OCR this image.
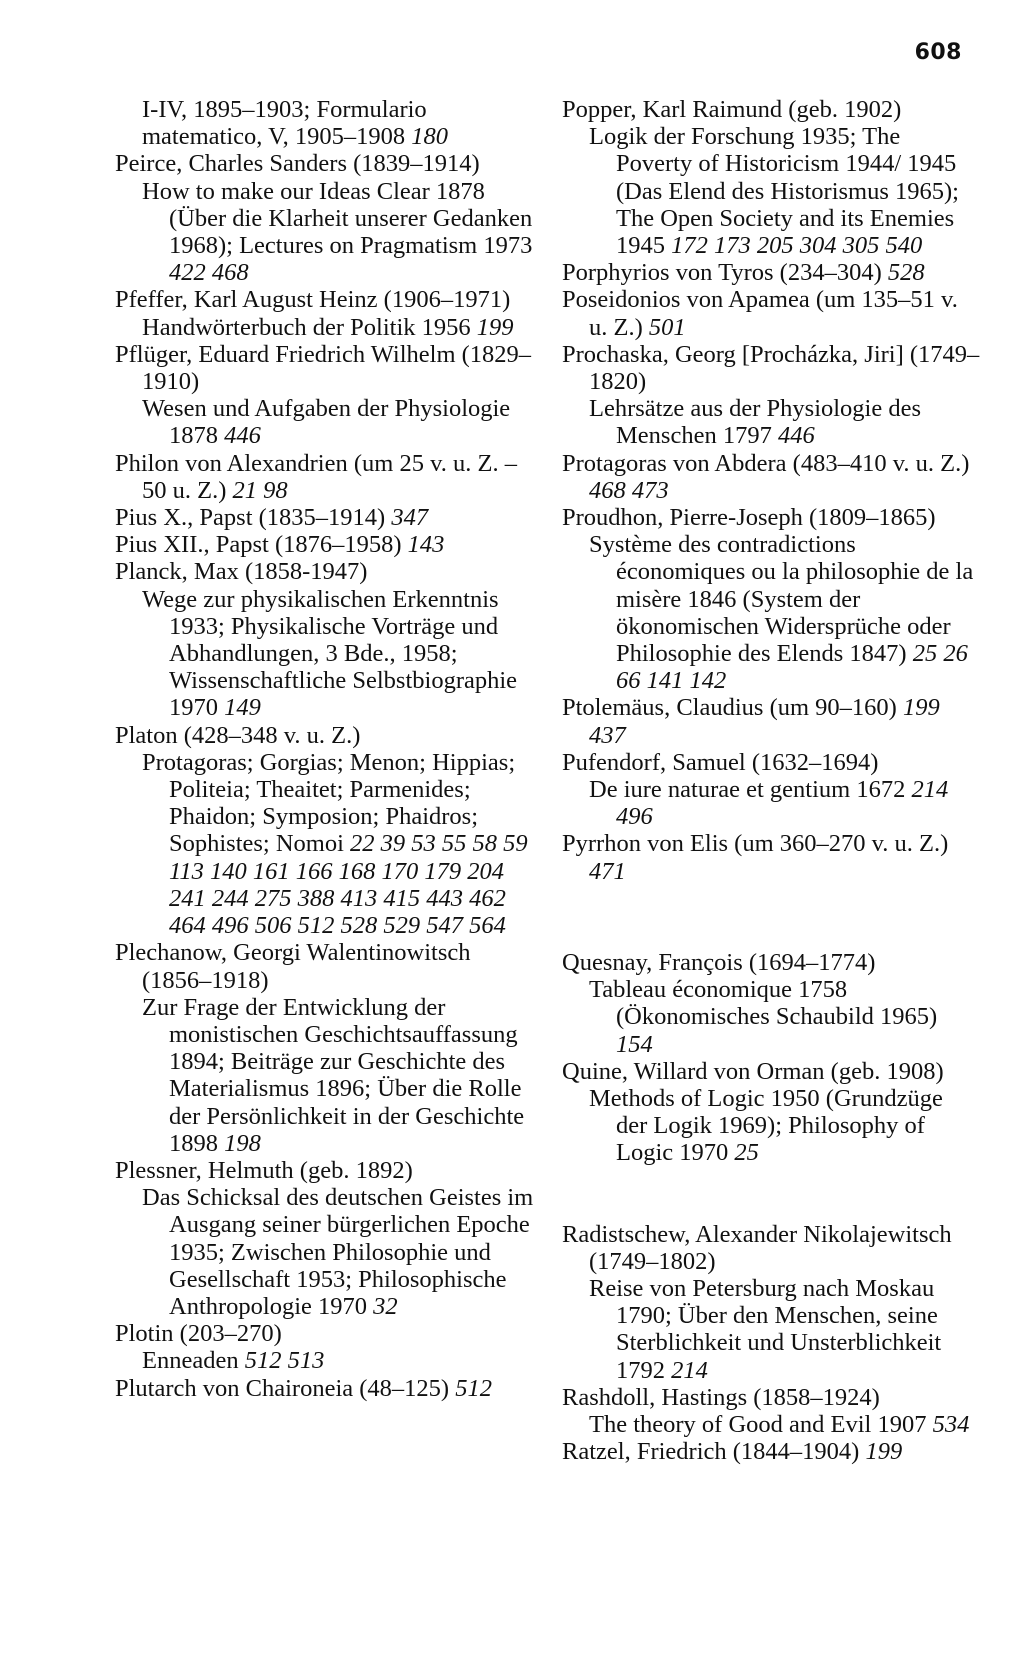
608

I-IV, 1895–1903; Formulario matematico, V, 1905–1908 180

Peirce, Charles Sanders (1839–1914)
How to make our Ideas Clear 1878 (Über die Klarheit unserer Gedanken 1968); Lectures on Pragmatism 1973 422 468

Pfeffer, Karl August Heinz (1906–1971)
Handwörterbuch der Politik 1956 199

Pflüger, Eduard Friedrich Wilhelm (1829–1910)
Wesen und Aufgaben der Physiologie 1878 446

Philon von Alexandrien (um 25 v. u. Z. –50 u. Z.) 21 98

Pius X., Papst (1835–1914) 347

Pius XII., Papst (1876–1958) 143

Planck, Max (1858-1947)
Wege zur physikalischen Erkenntnis 1933; Physikalische Vorträge und Abhandlungen, 3 Bde., 1958; Wissenschaftliche Selbstbiographie 1970 149

Platon (428–348 v. u. Z.)
Protagoras; Gorgias; Menon; Hippias; Politeia; Theaitet; Parmenides; Phaidon; Symposion; Phaidros; Sophistes; Nomoi 22 39 53 55 58 59 113 140 161 166 168 170 179 204 241 244 275 388 413 415 443 462 464 496 506 512 528 529 547 564

Plechanow, Georgi Walentinowitsch (1856–1918)
Zur Frage der Entwicklung der monistischen Geschichtsauffassung 1894; Beiträge zur Geschichte des Materialismus 1896; Über die Rolle der Persönlichkeit in der Geschichte 1898 198

Plessner, Helmuth (geb. 1892)
Das Schicksal des deutschen Geistes im Ausgang seiner bürgerlichen Epoche 1935; Zwischen Philosophie und Gesellschaft 1953; Philosophische Anthropologie 1970 32

Plotin (203–270)
Enneaden 512 513

Plutarch von Chaironeia (48–125) 512

Popper, Karl Raimund (geb. 1902)
Logik der Forschung 1935; The Poverty of Historicism 1944/ 1945 (Das Elend des Historismus 1965); The Open Society and its Enemies 1945 172 173 205 304 305 540

Porphyrios von Tyros (234–304) 528

Poseidonios von Apamea (um 135–51 v. u. Z.) 501

Prochaska, Georg [Procházka, Jiri] (1749–1820)
Lehrsätze aus der Physiologie des Menschen 1797 446

Protagoras von Abdera (483–410 v. u. Z.) 468 473

Proudhon, Pierre-Joseph (1809–1865)
Système des contradictions économiques ou la philosophie de la misère 1846 (System der ökonomischen Widersprüche oder Philosophie des Elends 1847) 25 26 66 141 142

Ptolemäus, Claudius (um 90–160) 199 437

Pufendorf, Samuel (1632–1694)
De iure naturae et gentium 1672 214 496

Pyrrhon von Elis (um 360–270 v. u. Z.) 471

Quesnay, François (1694–1774)
Tableau économique 1758 (Ökonomisches Schaubild 1965) 154

Quine, Willard von Orman (geb. 1908)
Methods of Logic 1950 (Grundzüge der Logik 1969); Philosophy of Logic 1970 25

Radistschew, Alexander Nikolajewitsch (1749–1802)
Reise von Petersburg nach Moskau 1790; Über den Menschen, seine Sterblichkeit und Unsterblichkeit 1792 214

Rashdoll, Hastings (1858–1924)
The theory of Good and Evil 1907 534

Ratzel, Friedrich (1844–1904) 199
